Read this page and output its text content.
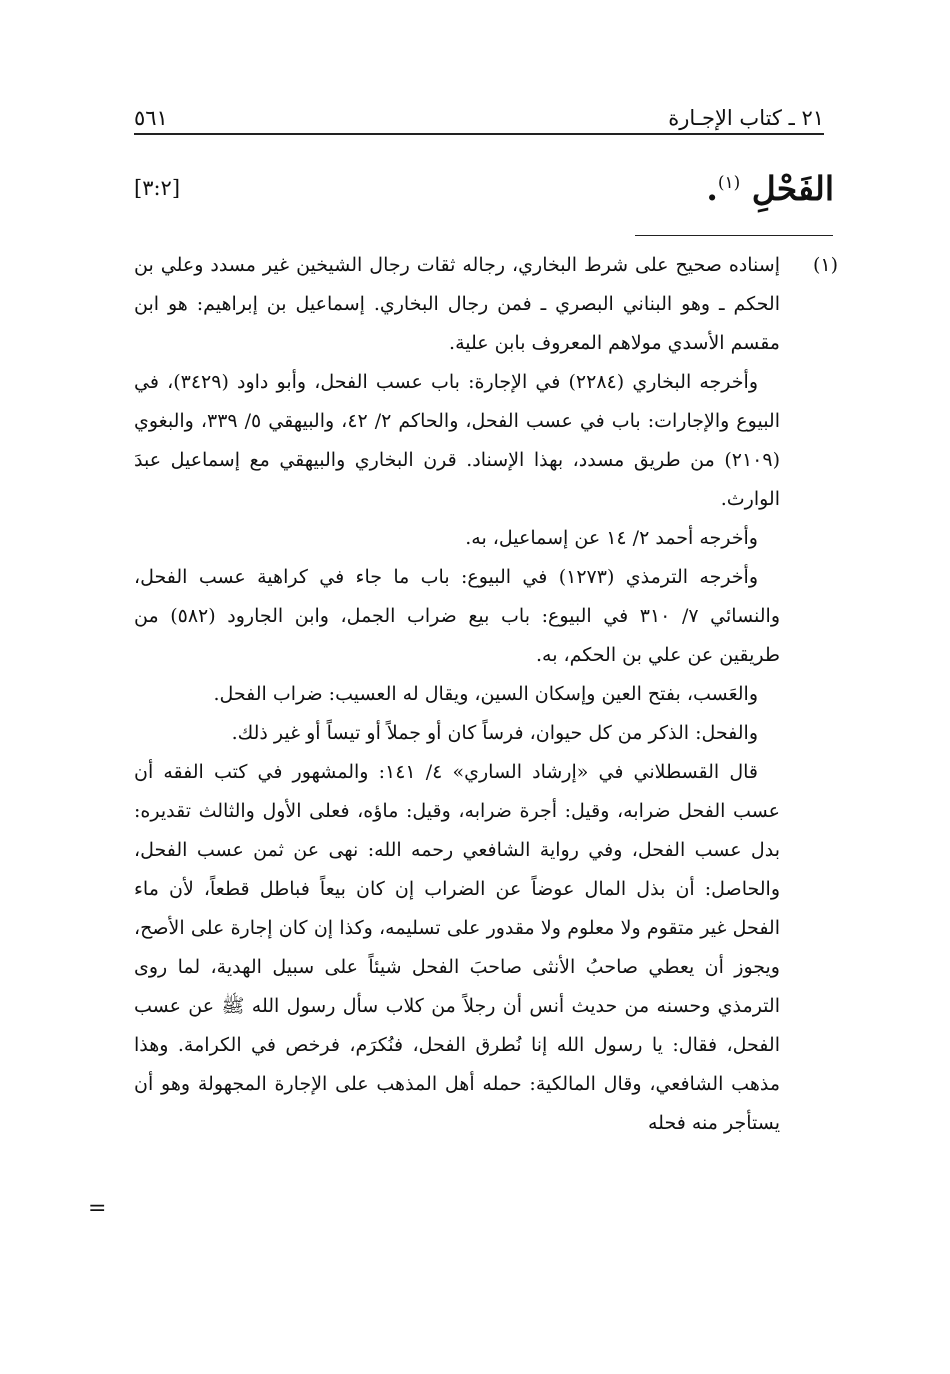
٢١ ـ كتاب الإجـارة
٥٦١
الفَحْلِ $^{(١)}$.
[٣:٢]
(١)

إسناده صحيح على شرط البخاري، رجاله ثقات رجال الشيخين غير مسدد وعلي بن الحكم ـ وهو البناني البصري ـ فمن رجال البخاري. إسماعيل بن إبراهيم: هو ابن مقسم الأسدي مولاهم المعروف بابن علية.

وأخرجه البخاري (٢٢٨٤) في الإجارة: باب عسب الفحل، وأبو داود (٣٤٢٩)، في البيوع والإجارات: باب في عسب الفحل، والحاكم ٢/ ٤٢، والبيهقي ٥/ ٣٣٩، والبغوي (٢١٠٩) من طريق مسدد، بهذا الإسناد. قرن البخاري والبيهقي مع إسماعيل عبدَ الوارث.

وأخرجه أحمد ٢/ ١٤ عن إسماعيل، به.

وأخرجه الترمذي (١٢٧٣) في البيوع: باب ما جاء في كراهية عسب الفحل، والنسائي ٧/ ٣١٠ في البيوع: باب بيع ضراب الجمل، وابن الجارود (٥٨٢) من طريقين عن علي بن الحكم، به.

والعَسب، بفتح العين وإسكان السين، ويقال له العسيب: ضراب الفحل.

والفحل: الذكر من كل حيوان، فرساً كان أو جملاً أو تيساً أو غير ذلك.

قال القسطلاني في «إرشاد الساري» ٤/ ١٤١: والمشهور في كتب الفقه أن عسب الفحل ضرابه، وقيل: أجرة ضرابه، وقيل: ماؤه، فعلى الأول والثالث تقديره: بدل عسب الفحل، وفي رواية الشافعي رحمه الله: نهى عن ثمن عسب الفحل، والحاصل: أن بذل المال عوضاً عن الضراب إن كان بيعاً فباطل قطعاً، لأن ماء الفحل غير متقوم ولا معلوم ولا مقدور على تسليمه، وكذا إن كان إجارة على الأصح، ويجوز أن يعطي صاحبُ الأنثى صاحبَ الفحل شيئاً على سبيل الهدية، لما روى الترمذي وحسنه من حديث أنس أن رجلاً من كلاب سأل رسول الله ﷺ عن عسب الفحل، فقال: يا رسول الله إنا نُطرق الفحل، فنُكرَم، فرخص في الكرامة. وهذا مذهب الشافعي، وقال المالكية: حمله أهل المذهب على الإجارة المجهولة وهو أن يستأجر منه فحله

=
